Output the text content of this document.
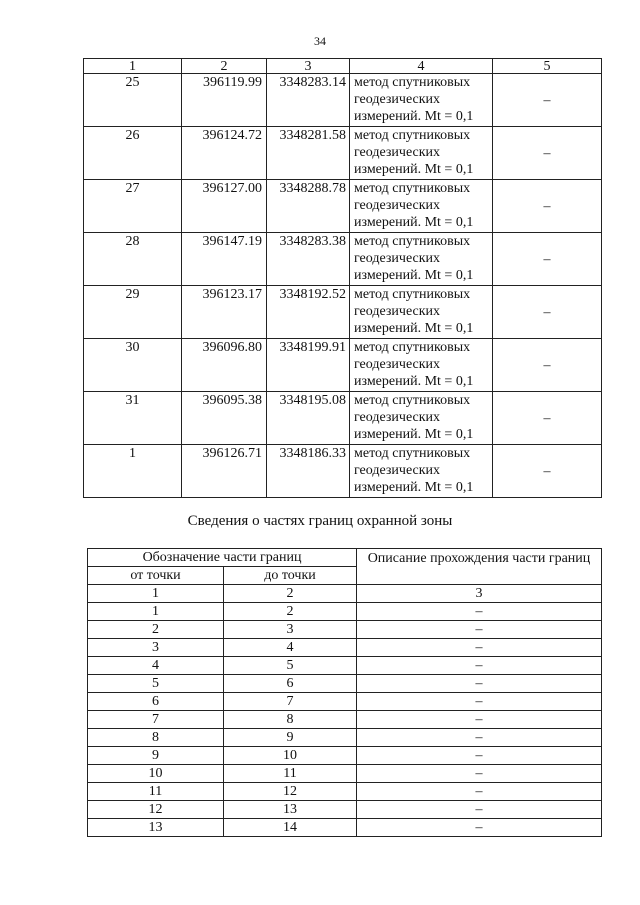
34
1	2	3	4	5
25	396119.99	3348283.14	метод спутниковых
геодезических
измерений. Mt = 0,1	–
26	396124.72	3348281.58	метод спутниковых
геодезических
измерений. Mt = 0,1	–
27	396127.00	3348288.78	метод спутниковых
геодезических
измерений. Mt = 0,1	–
28	396147.19	3348283.38	метод спутниковых
геодезических
измерений. Mt = 0,1	–
29	396123.17	3348192.52	метод спутниковых
геодезических
измерений. Mt = 0,1	–
30	396096.80	3348199.91	метод спутниковых
геодезических
измерений. Mt = 0,1	–
31	396095.38	3348195.08	метод спутниковых
геодезических
измерений. Mt = 0,1	–
1	396126.71	3348186.33	метод спутниковых
геодезических
измерений. Mt = 0,1	–
Сведения о частях границ охранной зоны
Обозначение части границ		Описание прохождения части границ
от точки	до точки	
1	2	3
1	2	–
2	3	–
3	4	–
4	5	–
5	6	–
6	7	–
7	8	–
8	9	–
9	10	–
10	11	–
11	12	–
12	13	–
13	14	–
